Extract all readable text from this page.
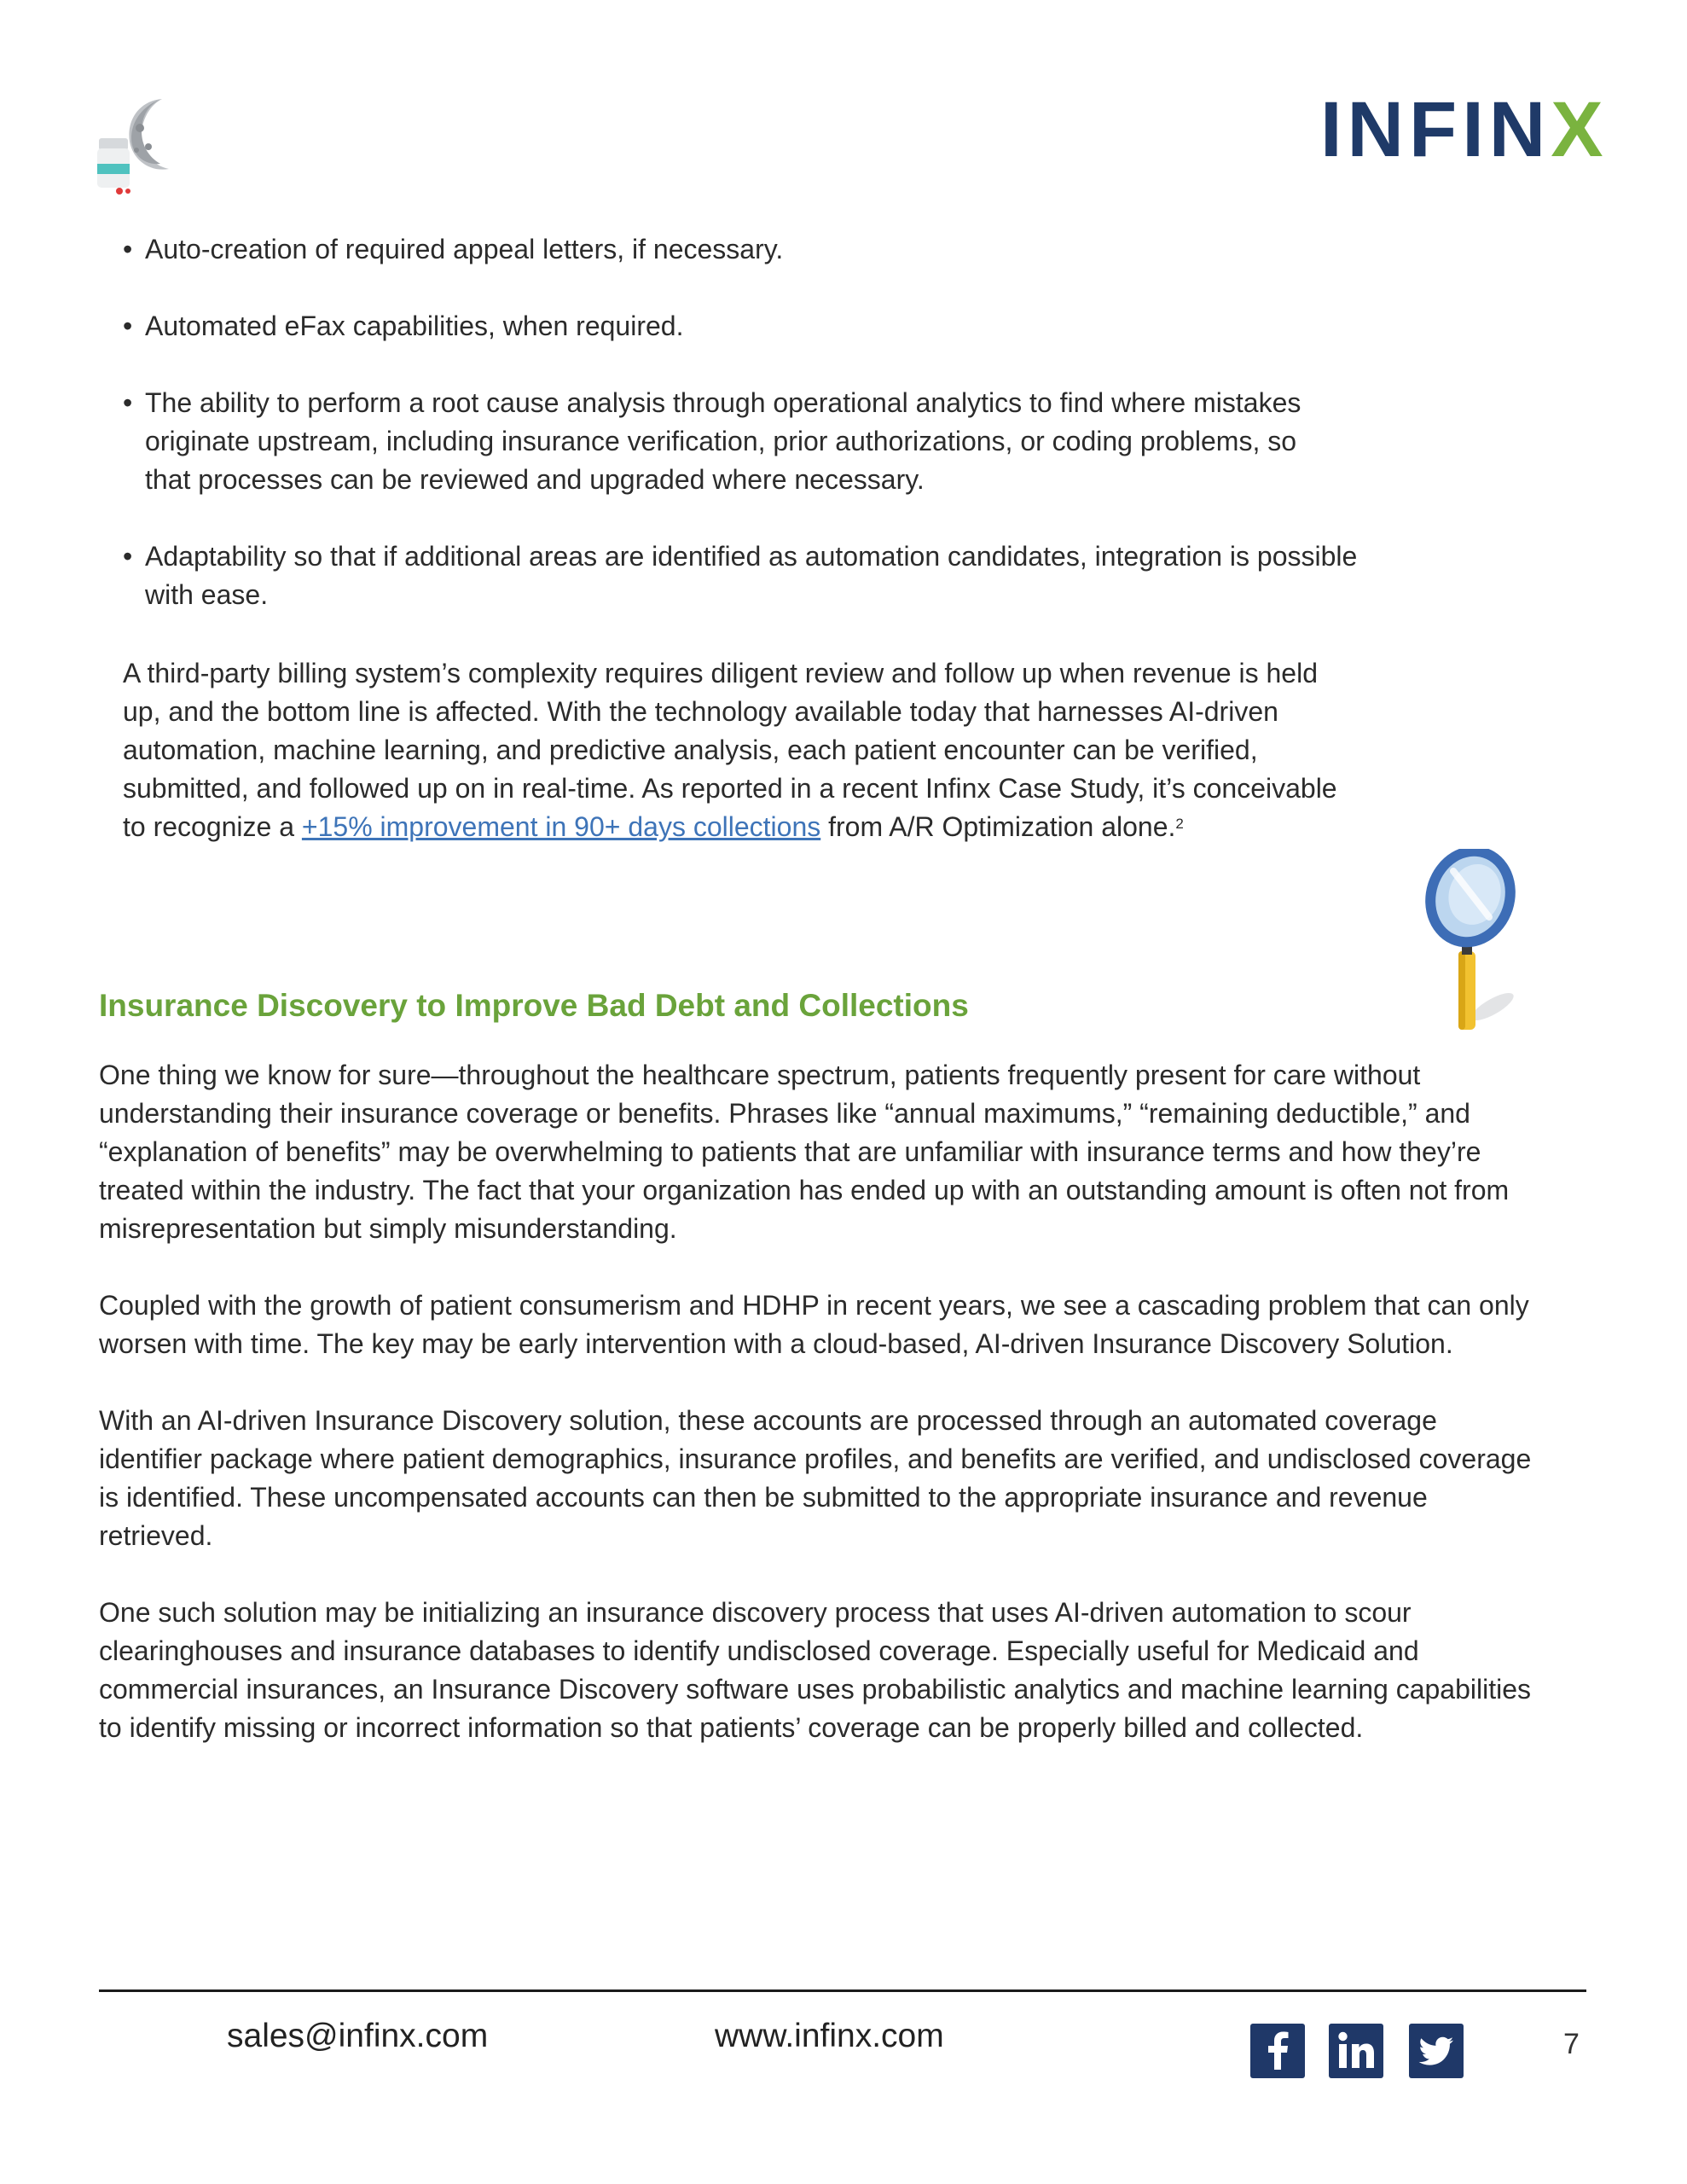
INFINX
• Auto-creation of required appeal letters, if necessary.
• Automated eFax capabilities, when required.
• The ability to perform a root cause analysis through operational analytics to find where mistakes originate upstream, including insurance verification, prior authorizations, or coding problems, so that processes can be reviewed and upgraded where necessary.
• Adaptability so that if additional areas are identified as automation candidates, integration is possible with ease.
A third-party billing system’s complexity requires diligent review and follow up when revenue is held up, and the bottom line is affected. With the technology available today that harnesses AI-driven automation, machine learning, and predictive analysis, each patient encounter can be verified, submitted, and followed up on in real-time. As reported in a recent Infinx Case Study, it’s conceivable to recognize a +15% improvement in 90+ days collections from A/R Optimization alone.$^2$
Insurance Discovery to Improve Bad Debt and Collections
One thing we know for sure—throughout the healthcare spectrum, patients frequently present for care without understanding their insurance coverage or benefits. Phrases like “annual maximums,” “remaining deductible,” and “explanation of benefits” may be overwhelming to patients that are unfamiliar with insurance terms and how they’re treated within the industry. The fact that your organization has ended up with an outstanding amount is often not from misrepresentation but simply misunderstanding.
Coupled with the growth of patient consumerism and HDHP in recent years, we see a cascading problem that can only worsen with time. The key may be early intervention with a cloud-based, AI-driven Insurance Discovery Solution.
With an AI-driven Insurance Discovery solution, these accounts are processed through an automated coverage identifier package where patient demographics, insurance profiles, and benefits are verified, and undisclosed coverage is identified. These uncompensated accounts can then be submitted to the appropriate insurance and revenue retrieved.
One such solution may be initializing an insurance discovery process that uses AI-driven automation to scour clearinghouses and insurance databases to identify undisclosed coverage. Especially useful for Medicaid and commercial insurances, an Insurance Discovery software uses probabilistic analytics and machine learning capabilities to identify missing or incorrect information so that patients’ coverage can be properly billed and collected.
sales@infinx.com	www.infinx.com	7
